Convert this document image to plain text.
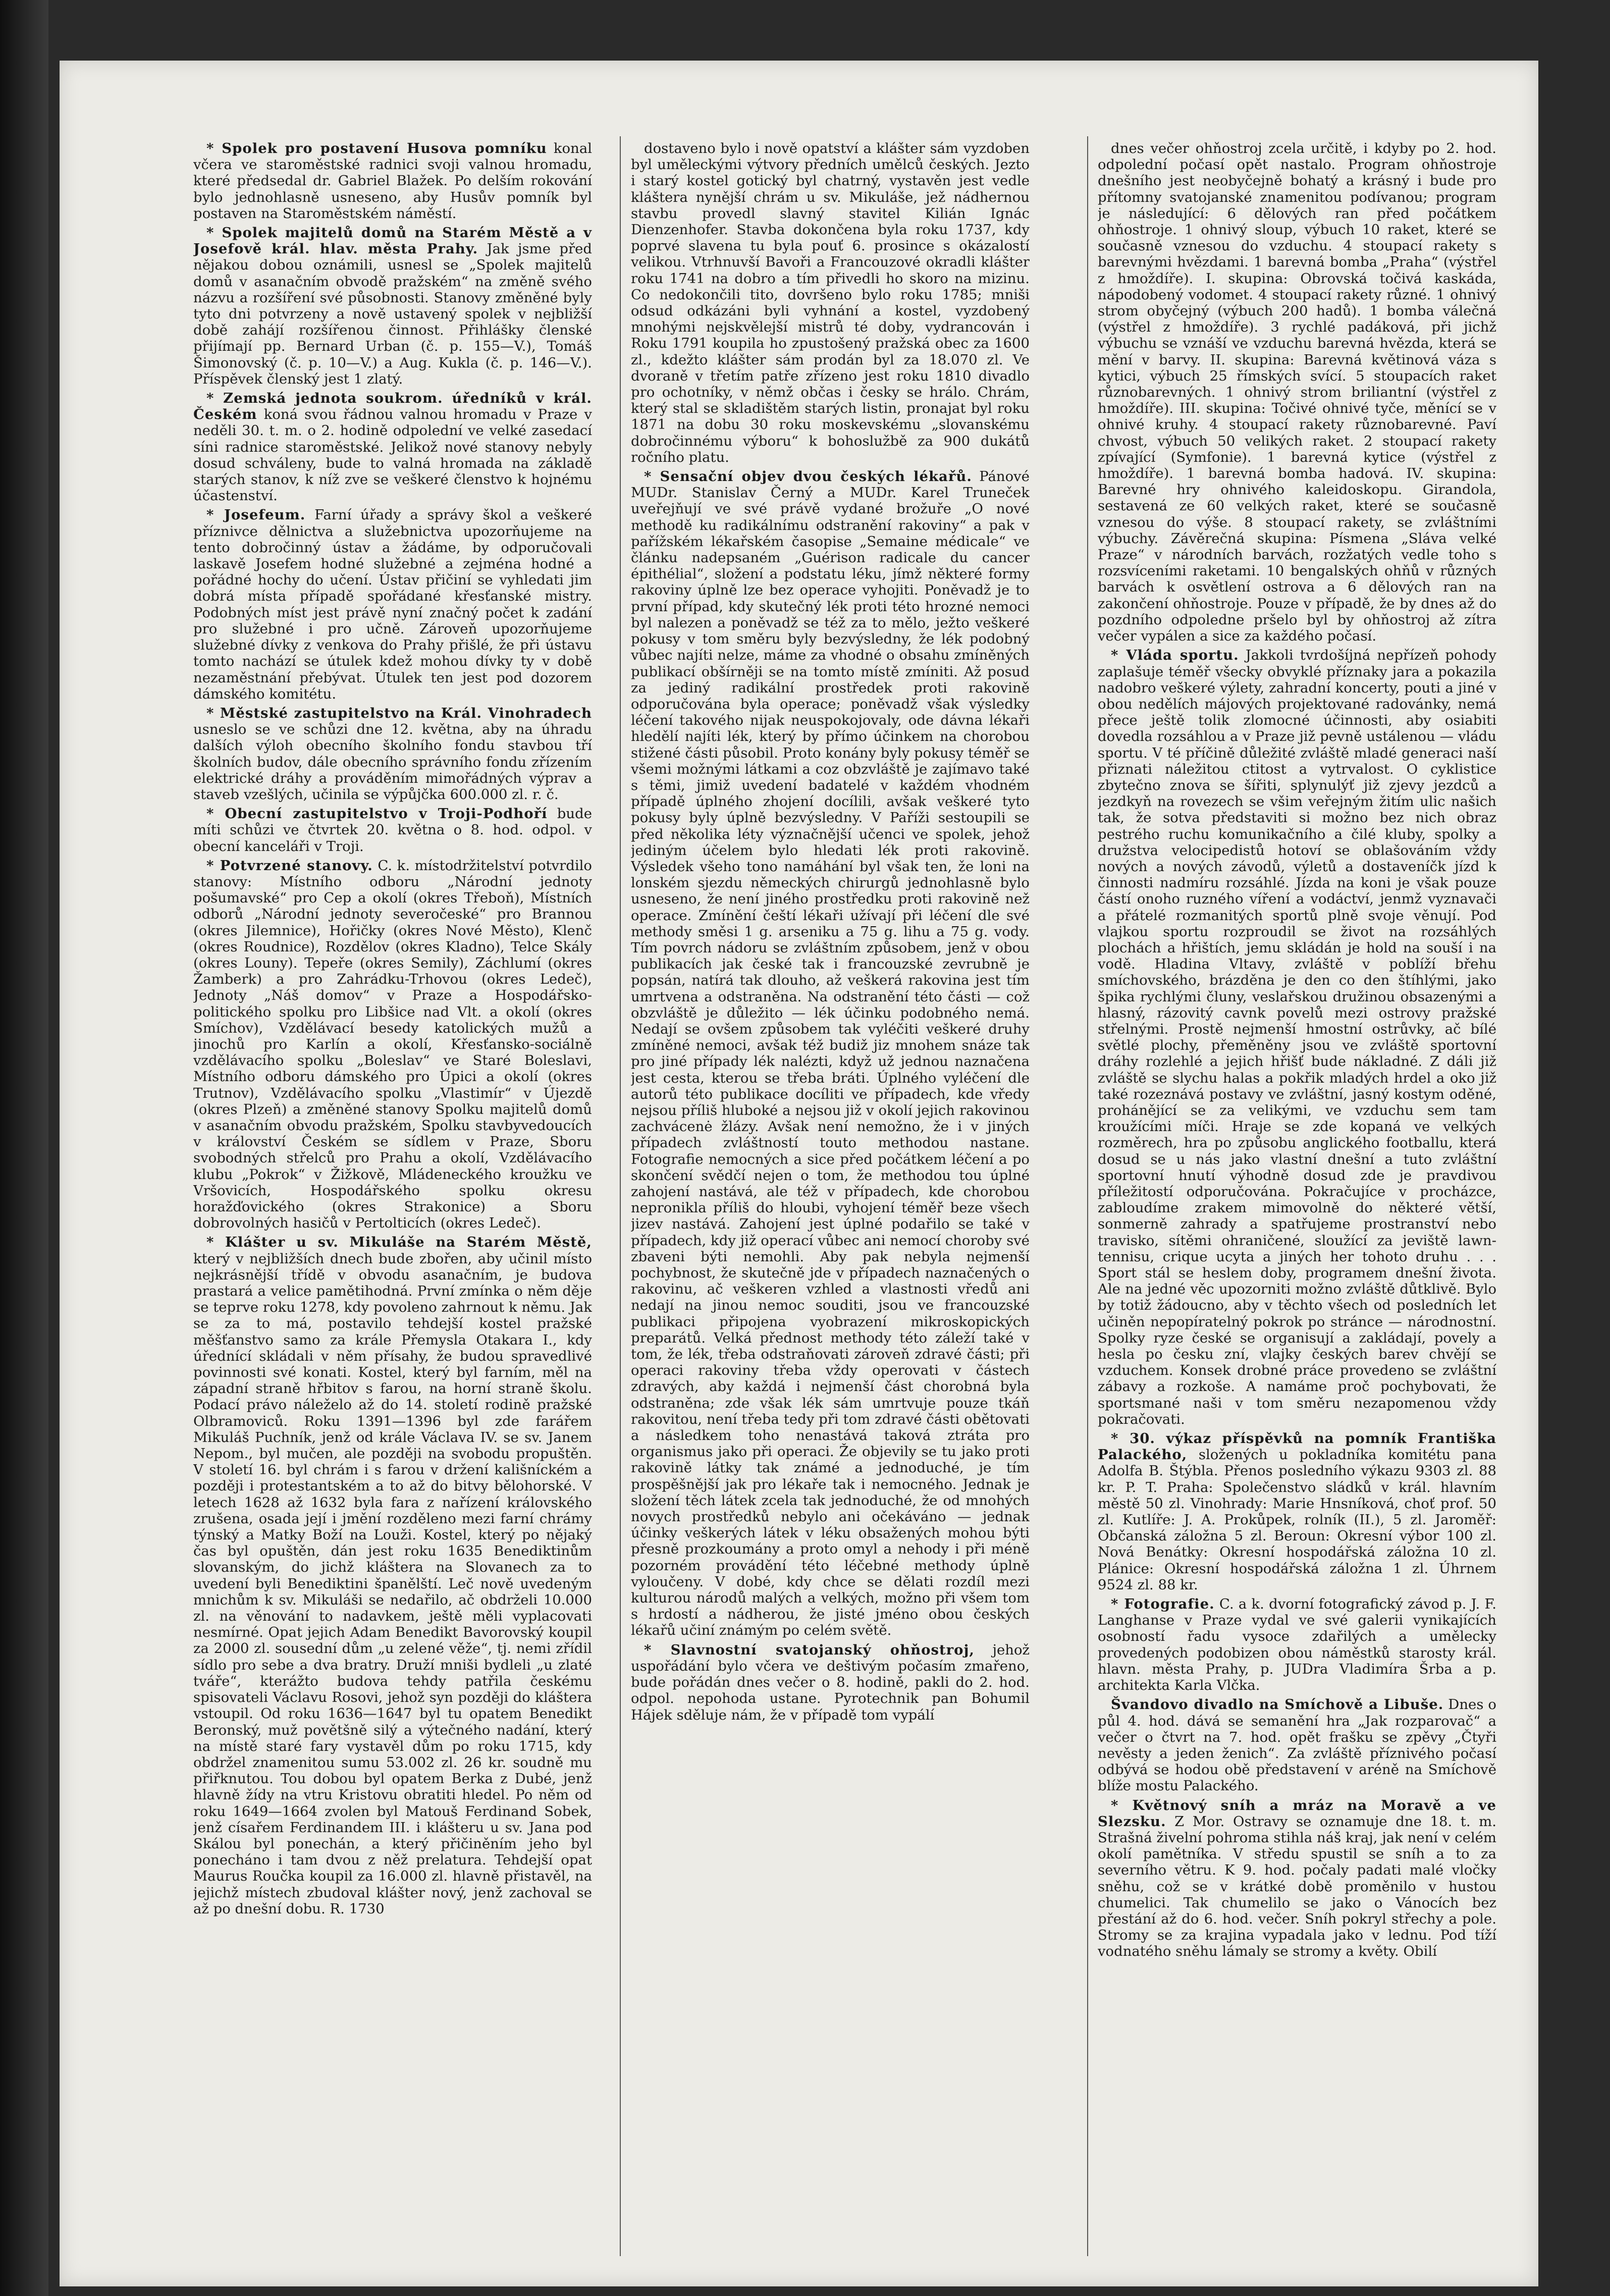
* Spolek pro postavení Husova pomníku konal včera ve staroměstské radnici svoji valnou hromadu, které předsedal dr. Gabriel Blažek. Po delším rokování bylo jednohlasně usneseno, aby Husův pomník byl postaven na Staroměstském náměstí.

* Spolek majitelů domů na Starém Městě a v Josefově král. hlav. města Prahy. Jak jsme před nějakou dobou oznámili, usnesl se „Spolek majitelů domů v asanačním obvodě pražském“ na změně svého názvu a rozšíření své působnosti. Stanovy změněné byly tyto dni potvrzeny a nově ustavený spolek v nejbližší době zahájí rozšířenou činnost. Přihlášky členské přijímají pp. Bernard Urban (č. p. 155—V.), Tomáš Šimonovský (č. p. 10—V.) a Aug. Kukla (č. p. 146—V.). Příspěvek členský jest 1 zlatý.

* Zemská jednota soukrom. úředníků v král. Českém koná svou řádnou valnou hromadu v Praze v neděli 30. t. m. o 2. hodině odpolední ve velké zasedací síni radnice staroměstské. Jelikož nové stanovy nebyly dosud schváleny, bude to valná hromada na základě starých stanov, k níž zve se veškeré členstvo k hojnému účastenství.

* Josefeum. Farní úřady a správy škol a veškeré příznivce dělnictva a služebnictva upozorňujeme na tento dobročinný ústav a žádáme, by odporučovali laskavě Josefem hodné služebné a zejména hodné a pořádné hochy do učení. Ústav přičiní se vyhledati jim dobrá místa případě spořádané křesťanské mistry. Podobných míst jest právě nyní značný počet k zadání pro služebné i pro učně. Zároveň upozorňujeme služebné dívky z venkova do Prahy přišlé, že při ústavu tomto nachází se útulek kdež mohou dívky ty v době nezaměstnání přebývat. Útulek ten jest pod dozorem dámského komitétu.

* Městské zastupitelstvo na Král. Vinohradech usneslo se ve schůzi dne 12. května, aby na úhradu dalších výloh obecního školního fondu stavbou tří školních budov, dále obecního správního fondu zřízením elektrické dráhy a prováděním mimořádných výprav a staveb vzešlých, učinila se výpůjčka 600.000 zl. r. č.

* Obecní zastupitelstvo v Troji-Podhoří bude míti schůzi ve čtvrtek 20. května o 8. hod. odpol. v obecní kanceláři v Troji.

* Potvrzené stanovy. C. k. místodržitelství potvrdilo stanovy: Místního odboru „Národní jednoty pošumavské“ pro Cep a okolí (okres Třeboň), Místních odborů „Národní jednoty severočeské“ pro Brannou (okres Jilemnice), Hořičky (okres Nové Město), Klenč (okres Roudnice), Rozdělov (okres Kladno), Telce Skály (okres Louny). Tepeře (okres Semily), Záchlumí (okres Žamberk) a pro Zahrádku-Trhovou (okres Ledeč), Jednoty „Náš domov“ v Praze a Hospodářsko-politického spolku pro Libšice nad Vlt. a okolí (okres Smíchov), Vzdělávací besedy katolických mužů a jinochů pro Karlín a okolí, Křesťansko-sociálně vzdělávacího spolku „Boleslav“ ve Staré Boleslavi, Místního odboru dámského pro Úpici a okolí (okres Trutnov), Vzdělávacího spolku „Vlastimír“ v Újezdě (okres Plzeň) a změněné stanovy Spolku majitelů domů v asanačním obvodu pražském, Spolku stavbyvedoucích v království Českém se sídlem v Praze, Sboru svobodných střelců pro Prahu a okolí, Vzdělávacího klubu „Pokrok“ v Žižkově, Mládeneckého kroužku ve Vršovicích, Hospodářského spolku okresu horažďovického (okres Strakonice) a Sboru dobrovolných hasičů v Pertolticích (okres Ledeč).

* Klášter u sv. Mikuláše na Starém Městě, který v nejbližších dnech bude zbořen, aby učinil místo nejkrásnější třídě v obvodu asanačním, je budova prastará a velice pamětihodná. První zmínka o něm děje se teprve roku 1278, kdy povoleno zahrnout k němu. Jak se za to má, postavilo tehdejší kostel pražské měšťanstvo samo za krále Přemysla Otakara I., kdy úřednící skládali v něm přísahy, že budou spravedlivé povinnosti své konati. Kostel, který byl farním, měl na západní straně hřbitov s farou, na horní straně školu. Podací právo náleželo až do 14. století rodině pražské Olbramoviců. Roku 1391—1396 byl zde farářem Mikuláš Puchník, jenž od krále Václava IV. se sv. Janem Nepom., byl mučen, ale později na svobodu propuštěn. V století 16. byl chrám i s farou v držení kališníckém a později i protestantském a to až do bitvy bělohorské. V letech 1628 až 1632 byla fara z nařízení královského zrušena, osada její i jmění rozděleno mezi farní chrámy týnský a Matky Boží na Louži. Kostel, který po nějaký čas byl opuštěn, dán jest roku 1635 Benediktinům slovanským, do jichž kláštera na Slovanech za to uvedení byli Benediktini španělští. Leč nově uvedeným mnichům k sv. Mikuláši se nedařilo, ač obdrželi 10.000 zl. na věnování to nadavkem, ještě měli vyplacovati nesmírné. Opat jejich Adam Benedikt Bavorovský koupil za 2000 zl. sousední dům „u zelené věže“, tj. nemi zřídil sídlo pro sebe a dva bratry. Druží mniši bydleli „u zlaté tváře“, kterážto budova tehdy patřila českému spisovateli Václavu Rosovi, jehož syn později do kláštera vstoupil. Od roku 1636—1647 byl tu opatem Benedikt Beronský, muž povětšně silý a výtečného nadání, který na místě staré fary vystavěl dům po roku 1715, kdy obdržel znamenitou sumu 53.002 zl. 26 kr. soudně mu přiřknutou. Tou dobou byl opatem Berka z Dubé, jenž hlavně žídy na vtru Kristovu obratiti hledel. Po něm od roku 1649—1664 zvolen byl Matouš Ferdinand Sobek, jenž císařem Ferdinandem III. i klášteru u sv. Jana pod Skálou byl ponechán, a který přičiněním jeho byl ponecháno i tam dvou z něž prelatura. Tehdejší opat Maurus Roučka koupil za 16.000 zl. hlavně přistavěl, na jejichž místech zbudoval klášter nový, jenž zachoval se až po dnešní dobu. R. 1730

dostaveno bylo i nově opatství a klášter sám vyzdoben byl uměleckými výtvory předních umělců českých. Jezto i starý kostel gotický byl chatrný, vystavěn jest vedle kláštera nynější chrám u sv. Mikuláše, jež nádhernou stavbu provedl slavný stavitel Kilián Ignác Dienzenhofer. Stavba dokončena byla roku 1737, kdy poprvé slavena tu byla pouť 6. prosince s okázalostí velikou. Vtrhnuvší Bavoři a Francouzové okradli klášter roku 1741 na dobro a tím přivedli ho skoro na mizinu. Co nedokončili tito, dovršeno bylo roku 1785; mniši odsud odkázáni byli vyhnání a kostel, vyzdobený mnohými nejskvělejší mistrů té doby, vydrancován i Roku 1791 koupila ho zpustošený pražská obec za 1600 zl., kdežto klášter sám prodán byl za 18.070 zl. Ve dvoraně v třetím patře zřízeno jest roku 1810 divadlo pro ochotníky, v němž občas i česky se hrálo. Chrám, který stal se skladištěm starých listin, pronajat byl roku 1871 na dobu 30 roku moskevskému „slovanskému dobročinnému výboru“ k bohoslužbě za 900 dukátů ročního platu.

* Sensační objev dvou českých lékařů. Pánové MUDr. Stanislav Černý a MUDr. Karel Truneček uveřejňují ve své právě vydané brožuře „O nové methodě ku radikálnímu odstranění rakoviny“ a pak v pařížském lékařském časopise „Semaine médicale“ ve článku nadepsaném „Guérison radicale du cancer épithélial“, složení a podstatu léku, jímž některé formy rakoviny úplně lze bez operace vyhojiti. Poněvadž je to první případ, kdy skutečný lék proti této hrozné nemoci byl nalezen a poněvadž se též za to mělo, ježto veškeré pokusy v tom směru byly bezvýsledny, že lék podobný vůbec najíti nelze, máme za vhodné o obsahu zmíněných publikací obšírněji se na tomto místě zmíniti. Až posud za jediný radikální prostředek proti rakovině odporučována byla operace; poněvadž však výsledky léčení takového nijak neuspokojovaly, ode dávna lékaři hledělí najíti lék, který by přímo účinkem na chorobou stižené části působil. Proto konány byly pokusy téměř se všemi možnými látkami a coz obzvláště je zajímavo také s těmi, jimiž uvedení badatelé v každém vhodném případě úplného zhojení docílili, avšak veškeré tyto pokusy byly úplně bezvýsledny. V Paříži sestoupili se před několika léty význačnější učenci ve spolek, jehož jediným účelem bylo hledati lék proti rakovině. Výsledek všeho tono namáhání byl však ten, že loni na lonském sjezdu německých chirurgů jednohlasně bylo usneseno, že není jiného prostředku proti rakovině než operace. Zmínění čeští lékaři užívají při léčení dle své methody směsi 1 g. arseniku a 75 g. lihu a 75 g. vody. Tím povrch nádoru se zvláštním způsobem, jenž v obou publikacích jak české tak i francouzské zevrubně je popsán, natírá tak dlouho, až veškerá rakovina jest tím umrtvena a odstraněna. Na odstranění této části — což obzvláště je důležito — lék účinku podobného nemá. Nedají se ovšem způsobem tak vyléčiti veškeré druhy zmíněné nemoci, avšak též budiž jiz mnohem snáze tak pro jiné případy lék nalézti, když už jednou naznačena jest cesta, kterou se třeba bráti. Úplného vyléčení dle autorů této publikace docíliti ve případech, kde vředy nejsou příliš hluboké a nejsou již v okolí jejich rakovinou zachvácenė žlázy. Avšak není nemožno, že i v jiných případech zvláštností touto methodou nastane. Fotografie nemocných a sice před počátkem léčení a po skončení svědčí nejen o tom, že methodou tou úplné zahojení nastává, ale též v případech, kde chorobou nepronikla příliš do hloubi, vyhojení téměř beze všech jizev nastává. Zahojení jest úplné podařilo se také v případech, kdy již operací vůbec ani nemocí choroby své zbaveni býti nemohli. Aby pak nebyla nejmenší pochybnost, že skutečně jde v případech naznačených o rakovinu, ač veškeren vzhled a vlastnosti vředů ani nedají na jinou nemoc souditi, jsou ve francouzské publikaci připojena vyobrazení mikroskopických preparátů. Velká přednost methody této záleží také v tom, že lék, třeba odstraňovati zároveň zdravé části; při operaci rakoviny třeba vždy operovati v částech zdravých, aby každá i nejmenší část chorobná byla odstraněna; zde však lék sám umrtvuje pouze tkáň rakovitou, není třeba tedy při tom zdravé části obětovati a následkem toho nenastává taková ztráta pro organismus jako při operaci. Že objevily se tu jako proti rakovině látky tak známé a jednoduché, je tím prospěšnější jak pro lékaře tak i nemocného. Jednak je složení těch látek zcela tak jednoduché, že od mnohých novych prostředků nebylo ani očekáváno — jednak účinky veškerých látek v léku obsažených mohou býti přesně prozkoumány a proto omyl a nehody i při méně pozorném provádění této léčebné methody úplně vyloučeny. V dobé, kdy chce se dělati rozdíl mezi kulturou národů malých a velkých, možno při všem tom s hrdostí a nádherou, že jisté jméno obou českých lékařů učiní známým po celém světě.

* Slavnostní svatojanský ohňostroj, jehož uspořádání bylo včera ve deštivým počasím zmařeno, bude pořádán dnes večer o 8. hodině, pakli do 2. hod. odpol. nepohoda ustane. Pyrotechnik pan Bohumil Hájek sděluje nám, že v případě tom vypálí

dnes večer ohňostroj zcela určitě, i kdyby po 2. hod. odpolední počasí opět nastalo. Program ohňostroje dnešního jest neobyčejně bohatý a krásný i bude pro přítomny svatojanské znamenitou podívanou; program je následující: 6 dělových ran před počátkem ohňostroje. 1 ohnivý sloup, výbuch 10 raket, které se současně vznesou do vzduchu. 4 stoupací rakety s barevnými hvězdami. 1 barevná bomba „Praha“ (výstřel z hmoždíře). I. skupina: Obrovská točivá kaskáda, nápodobený vodomet. 4 stoupací rakety různé. 1 ohnivý strom obyčejný (výbuch 200 hadů). 1 bomba válečná (výstřel z hmoždíře). 3 rychlé padáková, při jichž výbuchu se vznáší ve vzduchu barevná hvězda, která se mění v barvy. II. skupina: Barevná květinová váza s kytici, výbuch 25 římských svící. 5 stoupacích raket různobarevných. 1 ohnivý strom briliantní (výstřel z hmoždíře). III. skupina: Točivé ohnivé tyče, měnící se v ohnivé kruhy. 4 stoupací rakety různobarevné. Paví chvost, výbuch 50 velikých raket. 2 stoupací rakety zpívající (Symfonie). 1 barevná kytice (výstřel z hmoždíře). 1 barevná bomba hadová. IV. skupina: Barevné hry ohnivého kaleidoskopu. Girandola, sestavená ze 60 velkých raket, které se současně vznesou do výše. 8 stoupací rakety, se zvláštními výbuchy. Závěrečná skupina: Písmena „Sláva velké Praze“ v národních barvách, rozžatých vedle toho s rozsvíceními raketami. 10 bengalských ohňů v různých barvách k osvětlení ostrova a 6 dělových ran na zakončení ohňostroje. Pouze v případě, že by dnes až do pozdního odpoledne pršelo byl by ohňostroj až zítra večer vypálen a sice za každého počasí.

* Vláda sportu. Jakkoli tvrdošíjná nepřízeň pohody zaplašuje téměř všecky obvyklé příznaky jara a pokazila nadobro veškeré výlety, zahradní koncerty, pouti a jiné v obou nedělích májových projektované radovánky, nemá přece ještě tolik zlomocné účinnosti, aby osiabiti dovedla rozsáhlou a v Praze již pevně ustálenou — vládu sportu. V té příčině důležité zvláště mladé generaci naší přiznati náležitou ctitost a vytrvalost. O cyklistice zbytečno znova se šířiti, splynulýť již zjevy jezdců a jezdkyň na rovezech se všim veřejným žitím ulic našich tak, že sotva představiti si možno bez nich obraz pestrého ruchu komunikačního a čilé kluby, spolky a družstva velocipedistů hotoví se oblašováním vždy nových a nových závodů, výletů a dostaveníčk jízd k činnosti nadmíru rozsáhlé. Jízda na koni je však pouze částí onoho ruzného víření a vodáctví, jenmž vyznavači a přátelé rozmanitých sportů plně svoje věnují. Pod vlajkou sportu rozproudil se život na rozsáhlých plochách a hřištích, jemu skládán je hold na souší i na vodě. Hladina Vltavy, zvláště v poblíží břehu smíchovského, brázděna je den co den štíhlými, jako špika rychlými čluny, veslařskou družinou obsazenými a hlasný, rázovitý cavnk povelů mezi ostrovy pražské střelnými. Prostě nejmenší hmostní ostrůvky, ač bílé světlé plochy, přeměněny jsou ve zvláště sportovní dráhy rozlehlé a jejich hřišť bude nákladné. Z dáli již zvláště se slychu halas a pokřik mladých hrdel a oko již také rozeznává postavy ve zvláštní, jasný kostym oděné, prohánějící se za velikými, ve vzduchu sem tam kroužícími míči. Hraje se zde kopaná ve velkých rozměrech, hra po způsobu anglického footballu, která dosud se u nás jako vlastní dnešní a tuto zvláštní sportovní hnutí výhodně dosud zde je pravdivou příležitostí odporučována. Pokračujíce v procházce, zabloudíme zrakem mimovolně do některé větší, sonmerně zahrady a spatřujeme prostranství nebo travisko, sítěmi ohraničené, sloužící za jeviště lawn-tennisu, crique ucyta a jiných her tohoto druhu . . . Sport stál se heslem doby, programem dnešní života. Ale na jedné věc upozorniti možno zvláště důtklivě. Bylo by totiž žádoucno, aby v těchto všech od posledních let učiněn nepopíratelný pokrok po stránce — národnostní. Spolky ryze české se organisují a zakládají, povely a hesla po česku zní, vlajky českých barev chvějí se vzduchem. Konsek drobné práce provedeno se zvláštní zábavy a rozkoše. A namáme proč pochybovati, že sportsmané naši v tom směru nezapomenou vždy pokračovati.

* 30. výkaz příspěvků na pomník Františka Palackého, složených u pokladníka komitétu pana Adolfa B. Štýbla. Přenos posledního výkazu 9303 zl. 88 kr. P. T. Praha: Společenstvo sládků v král. hlavním městě 50 zl. Vinohrady: Marie Hnsníková, choť prof. 50 zl. Kutlíře: J. A. Prokůpek, rolník (II.), 5 zl. Jaroměř: Občanská záložna 5 zl. Beroun: Okresní výbor 100 zl. Nová Benátky: Okresní hospodářská záložna 10 zl. Plánice: Okresní hospodářská záložna 1 zl. Úhrnem 9524 zl. 88 kr.

* Fotografie. C. a k. dvorní fotografický závod p. J. F. Langhanse v Praze vydal ve své galerii vynikajících osobností řadu vysoce zdařilých a umělecky provedených podobizen obou náměstků starosty král. hlavn. města Prahy, p. JUDra Vladimíra Šrba a p. architekta Karla Vlčka.

Švandovo divadlo na Smíchově a Libuše. Dnes o půl 4. hod. dává se semanění hra „Jak rozparovač“ a večer o čtvrt na 7. hod. opět frašku se zpěvy „Čtyři nevěsty a jeden ženich“. Za zvláště příznivého počasí odbývá se hodou obě představení v aréně na Smíchově blíže mostu Palackého.

* Květnový sníh a mráz na Moravě a ve Slezsku. Z Mor. Ostravy se oznamuje dne 18. t. m. Strašná živelní pohroma stihla náš kraj, jak není v celém okolí pamětníka. V středu spustil se sníh a to za severního větru. K 9. hod. počaly padati malé vločky sněhu, což se v krátké době proměnilo v hustou chumelici. Tak chumelilo se jako o Vánocích bez přestání až do 6. hod. večer. Sníh pokryl střechy a pole. Stromy se za krajina vypadala jako v lednu. Pod tíží vodnatého sněhu lámaly se stromy a květy. Obilí
